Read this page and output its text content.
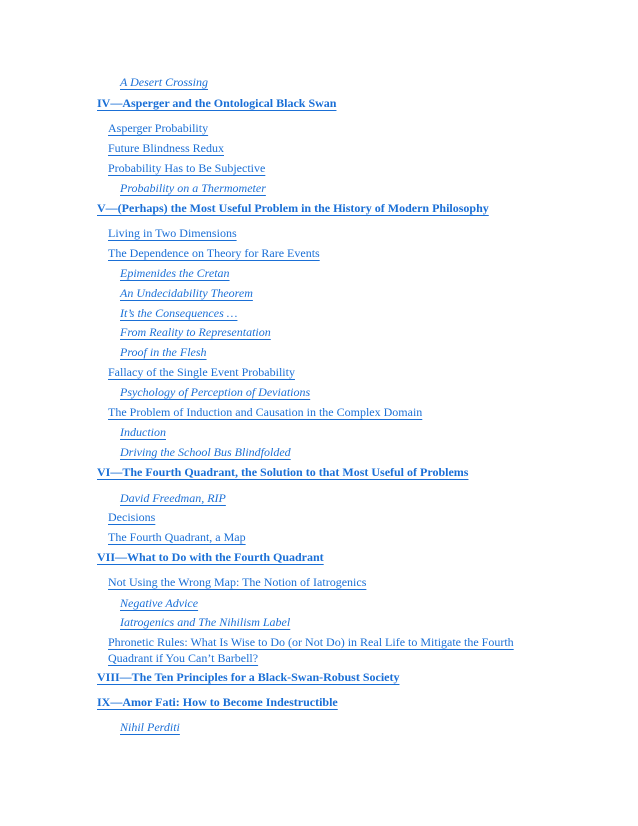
A Desert Crossing
IV—Asperger and the Ontological Black Swan
Asperger Probability
Future Blindness Redux
Probability Has to Be Subjective
Probability on a Thermometer
V—(Perhaps) the Most Useful Problem in the History of Modern Philosophy
Living in Two Dimensions
The Dependence on Theory for Rare Events
Epimenides the Cretan
An Undecidability Theorem
It’s the Consequences …
From Reality to Representation
Proof in the Flesh
Fallacy of the Single Event Probability
Psychology of Perception of Deviations
The Problem of Induction and Causation in the Complex Domain
Induction
Driving the School Bus Blindfolded
VI—The Fourth Quadrant, the Solution to that Most Useful of Problems
David Freedman, RIP
Decisions
The Fourth Quadrant, a Map
VII—What to Do with the Fourth Quadrant
Not Using the Wrong Map: The Notion of Iatrogenics
Negative Advice
Iatrogenics and The Nihilism Label
Phronetic Rules: What Is Wise to Do (or Not Do) in Real Life to Mitigate the Fourth Quadrant if You Can’t Barbell?
VIII—The Ten Principles for a Black-Swan-Robust Society
IX—Amor Fati: How to Become Indestructible
Nihil Perditi
